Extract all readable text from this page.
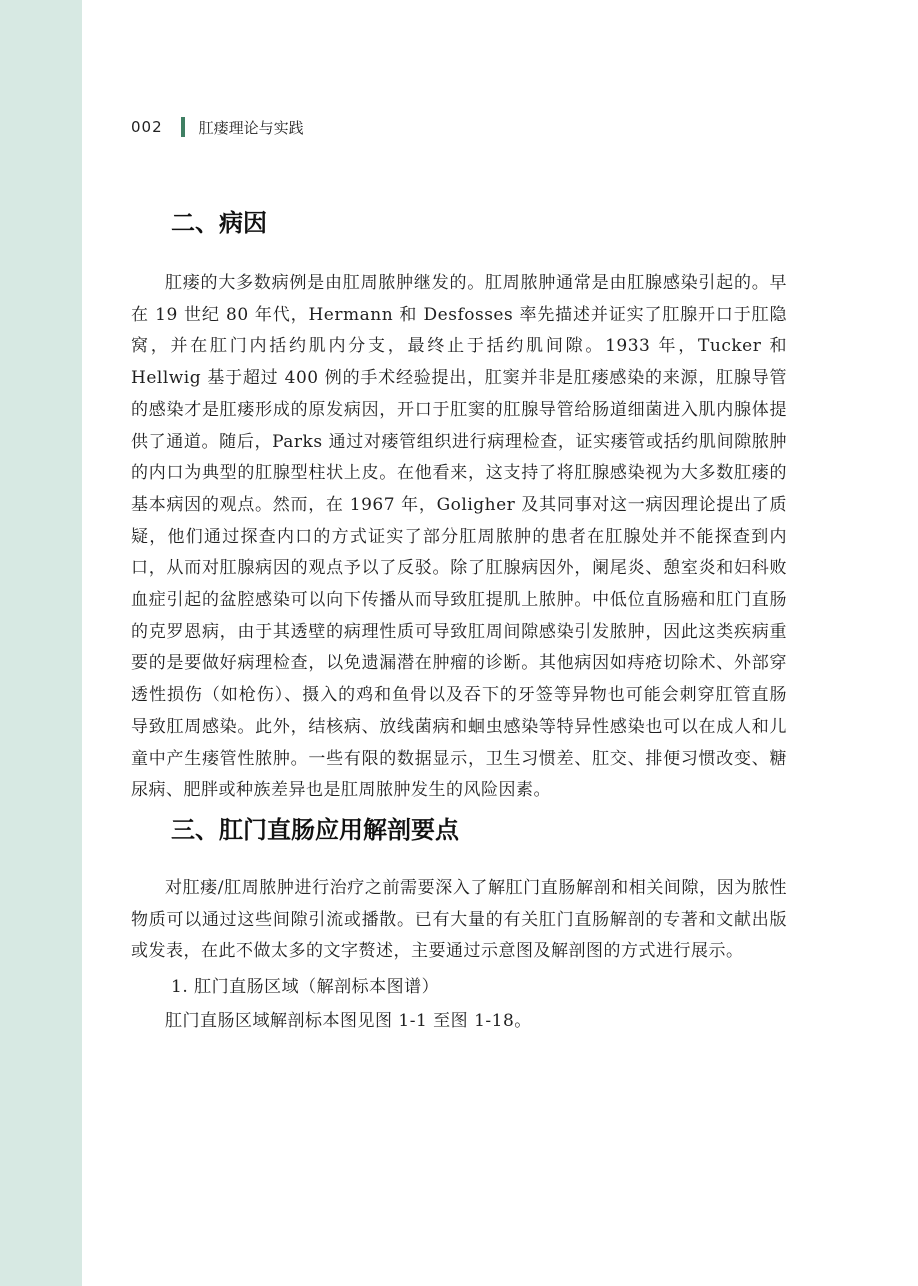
002 肛瘘理论与实践
二、病因

肛瘘的大多数病例是由肛周脓肿继发的。肛周脓肿通常是由肛腺感染引起的。早在 19 世纪 80 年代，Hermann 和 Desfosses 率先描述并证实了肛腺开口于肛隐窝，并在肛门内括约肌内分支，最终止于括约肌间隙。1933 年，Tucker 和 Hellwig 基于超过 400 例的手术经验提出，肛窦并非是肛瘘感染的来源，肛腺导管的感染才是肛瘘形成的原发病因，开口于肛窦的肛腺导管给肠道细菌进入肌内腺体提供了通道。随后，Parks 通过对瘘管组织进行病理检查，证实瘘管或括约肌间隙脓肿的内口为典型的肛腺型柱状上皮。在他看来，这支持了将肛腺感染视为大多数肛瘘的基本病因的观点。然而，在 1967 年，Goligher 及其同事对这一病因理论提出了质疑，他们通过探查内口的方式证实了部分肛周脓肿的患者在肛腺处并不能探查到内口，从而对肛腺病因的观点予以了反驳。除了肛腺病因外，阑尾炎、憩室炎和妇科败血症引起的盆腔感染可以向下传播从而导致肛提肌上脓肿。中低位直肠癌和肛门直肠的克罗恩病，由于其透壁的病理性质可导致肛周间隙感染引发脓肿，因此这类疾病重要的是要做好病理检查，以免遗漏潜在肿瘤的诊断。其他病因如痔疮切除术、外部穿透性损伤（如枪伤）、摄入的鸡和鱼骨以及吞下的牙签等异物也可能会刺穿肛管直肠导致肛周感染。此外，结核病、放线菌病和蛔虫感染等特异性感染也可以在成人和儿童中产生瘘管性脓肿。一些有限的数据显示，卫生习惯差、肛交、排便习惯改变、糖尿病、肥胖或种族差异也是肛周脓肿发生的风险因素。

三、肛门直肠应用解剖要点

对肛瘘/肛周脓肿进行治疗之前需要深入了解肛门直肠解剖和相关间隙，因为脓性物质可以通过这些间隙引流或播散。已有大量的有关肛门直肠解剖的专著和文献出版或发表，在此不做太多的文字赘述，主要通过示意图及解剖图的方式进行展示。

1. 肛门直肠区域（解剖标本图谱）

肛门直肠区域解剖标本图见图 1-1 至图 1-18。
